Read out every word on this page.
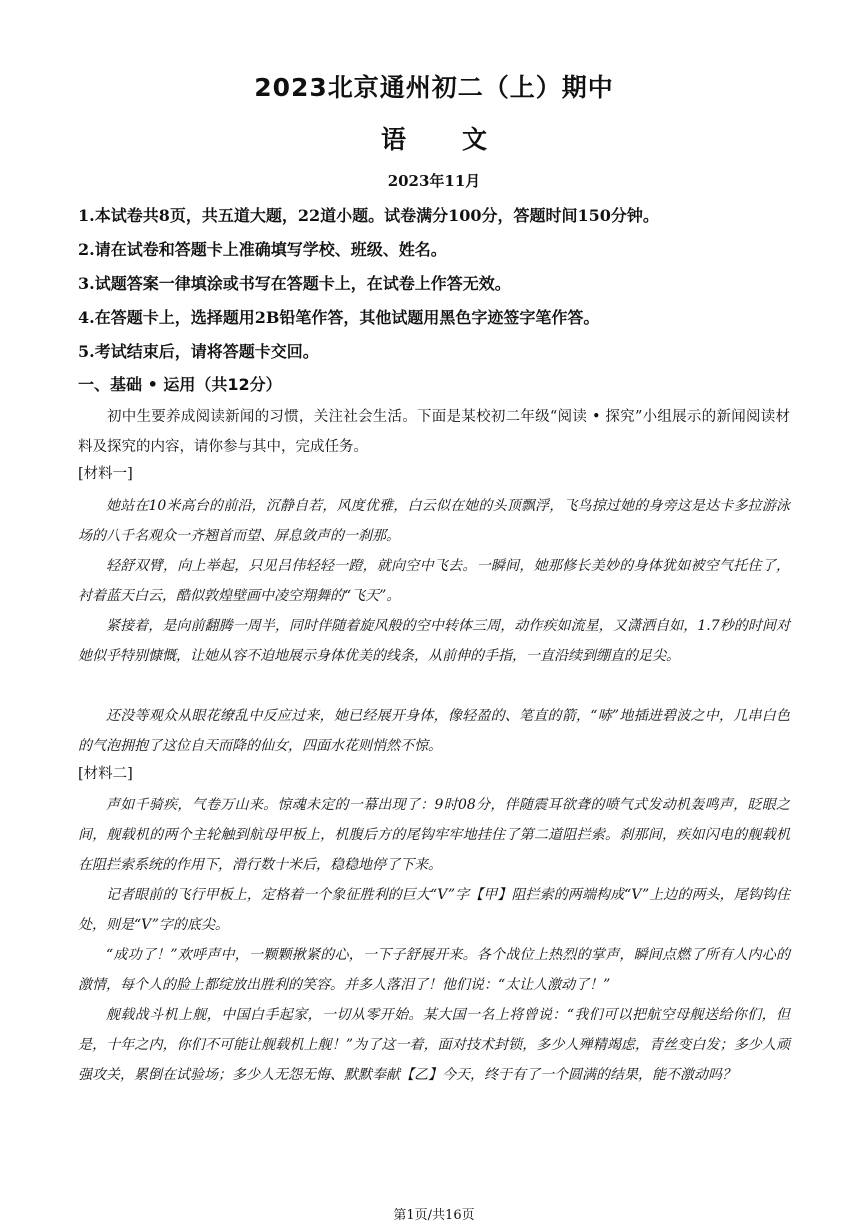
2023北京通州初二（上）期中
语 文
2023年11月
1.本试卷共8页，共五道大题，22道小题。试卷满分100分，答题时间150分钟。
2.请在试卷和答题卡上准确填写学校、班级、姓名。
3.试题答案一律填涂或书写在答题卡上，在试卷上作答无效。
4.在答题卡上，选择题用2B铅笔作答，其他试题用黑色字迹签字笔作答。
5.考试结束后，请将答题卡交回。
一、基础 • 运用（共12分）
初中生要养成阅读新闻的习惯，关注社会生活。下面是某校初二年级“阅读 • 探究”小组展示的新闻阅读材料及探究的内容，请你参与其中，完成任务。
[材料一]
她站在10米高台的前沿，沉静自若，风度优雅，白云似在她的头顶飘浮，飞鸟掠过她的身旁这是达卡多拉游泳场的八千名观众一齐翘首而望、屏息敛声的一刹那。
轻舒双臂，向上举起，只见吕伟轻轻一蹬，就向空中飞去。一瞬间，她那修长美妙的身体犹如被空气托住了，衬着蓝天白云，酷似敦煌壁画中凌空翔舞的“飞天”。
紧接着，是向前翻腾一周半，同时伴随着旋风般的空中转体三周，动作疾如流星，又潇洒自如，1.7秒的时间对她似乎特别慷慨，让她从容不迫地展示身体优美的线条，从前伸的手指，一直沿续到绷直的足尖。
还没等观众从眼花缭乱中反应过来，她已经展开身体，像轻盈的、笔直的箭，“哧”地插进碧波之中，几串白色的气泡拥抱了这位自天而降的仙女，四面水花则悄然不惊。
[材料二]
声如千骑疾，气卷万山来。惊魂未定的一幕出现了：9时08分，伴随震耳欲聋的喷气式发动机轰鸣声，眨眼之间，舰载机的两个主轮触到航母甲板上，机腹后方的尾钩牢牢地挂住了第二道阻拦索。刹那间，疾如闪电的舰载机在阻拦索系统的作用下，滑行数十米后，稳稳地停了下来。
记者眼前的飞行甲板上，定格着一个象征胜利的巨大“V”字【甲】阻拦索的两端构成“V”上边的两头，尾钩钩住处，则是“V”字的底尖。
“成功了！”欢呼声中，一颗颗揪紧的心，一下子舒展开来。各个战位上热烈的掌声，瞬间点燃了所有人内心的激情，每个人的脸上都绽放出胜利的笑容。并多人落泪了！他们说：“太让人激动了！”
舰载战斗机上舰，中国白手起家，一切从零开始。某大国一名上将曾说：“我们可以把航空母舰送给你们，但是，十年之内，你们不可能让舰载机上舰！”为了这一着，面对技术封锁，多少人殚精竭虑，青丝变白发；多少人顽强攻关，累倒在试验场；多少人无怨无悔、默默奉献【乙】今天，终于有了一个圆满的结果，能不激动吗？
第1页/共16页
